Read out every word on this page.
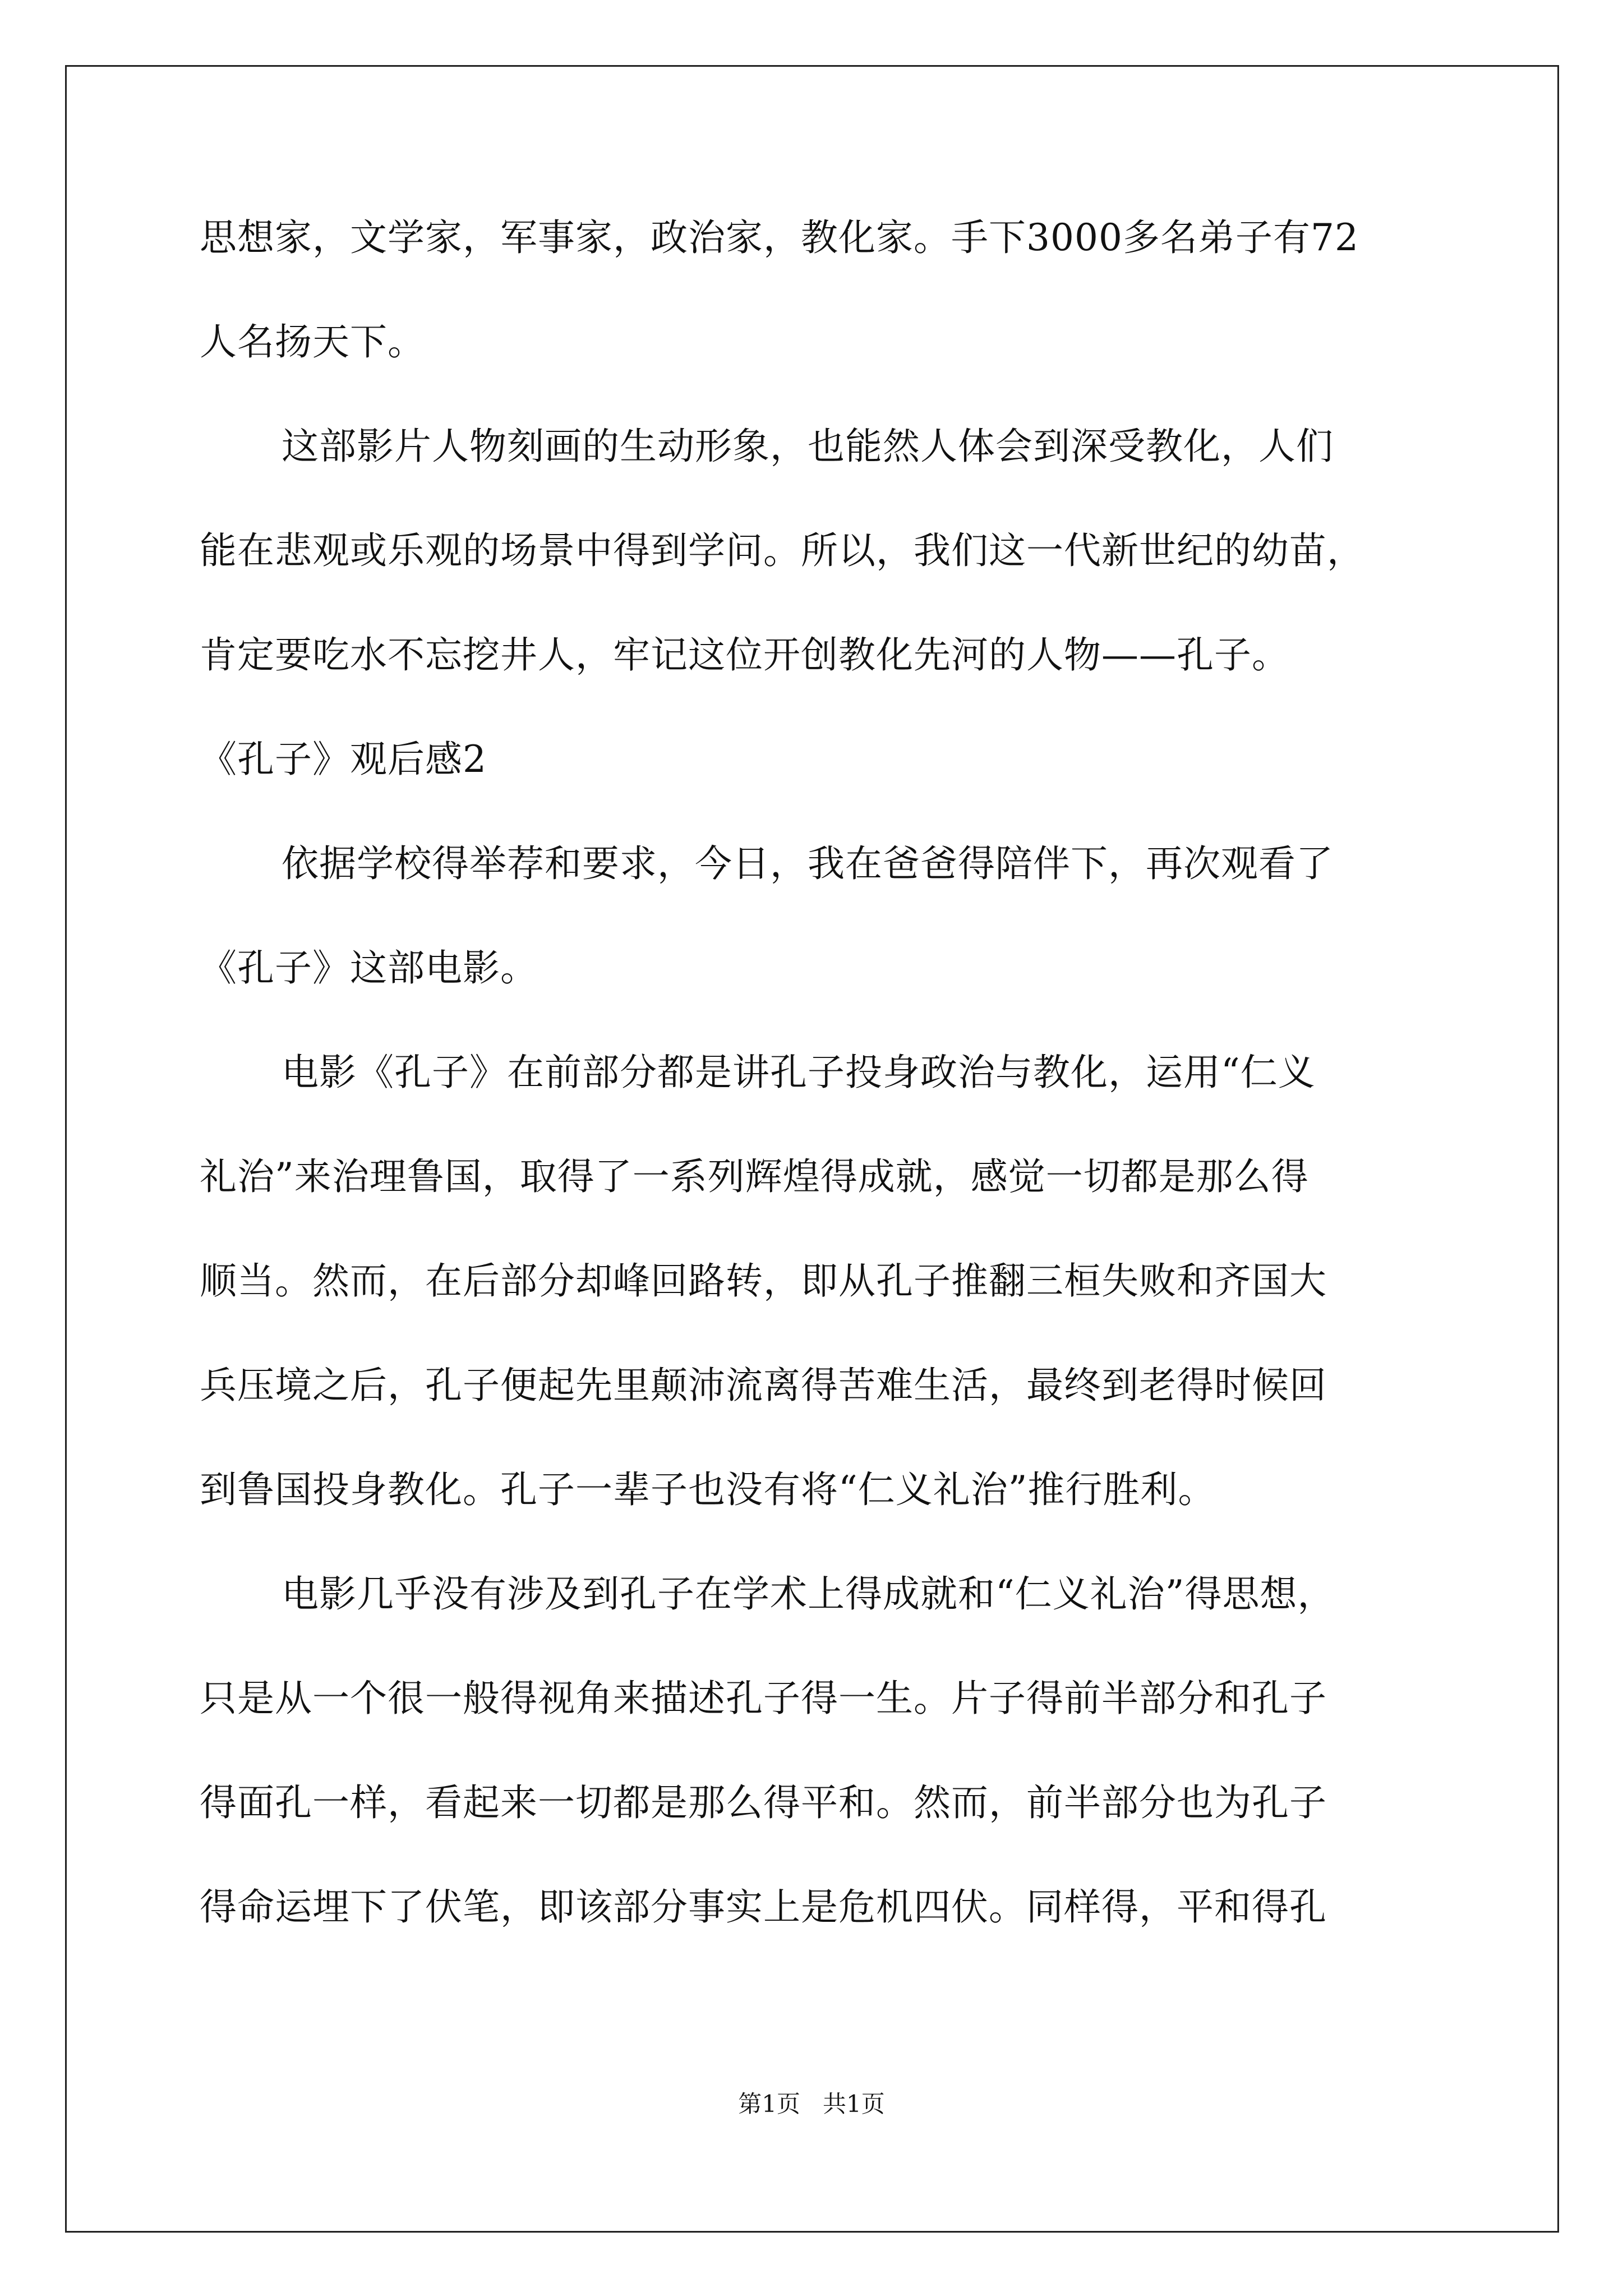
思想家，文学家，军事家，政治家，教化家。手下3000多名弟子有72

人名扬天下。

这部影片人物刻画的生动形象，也能然人体会到深受教化，人们

能在悲观或乐观的场景中得到学问。所以，我们这一代新世纪的幼苗，

肯定要吃水不忘挖井人，牢记这位开创教化先河的人物——孔子。

《孔子》观后感2

依据学校得举荐和要求，今日，我在爸爸得陪伴下，再次观看了

《孔子》这部电影。

电影《孔子》在前部分都是讲孔子投身政治与教化，运用“仁义

礼治”来治理鲁国，取得了一系列辉煌得成就，感觉一切都是那么得

顺当。然而，在后部分却峰回路转，即从孔子推翻三桓失败和齐国大

兵压境之后，孔子便起先里颠沛流离得苦难生活，最终到老得时候回

到鲁国投身教化。孔子一辈子也没有将“仁义礼治”推行胜利。

电影几乎没有涉及到孔子在学术上得成就和“仁义礼治”得思想，

只是从一个很一般得视角来描述孔子得一生。片子得前半部分和孔子

得面孔一样，看起来一切都是那么得平和。然而，前半部分也为孔子

得命运埋下了伏笔，即该部分事实上是危机四伏。同样得，平和得孔

第1页   共1页
